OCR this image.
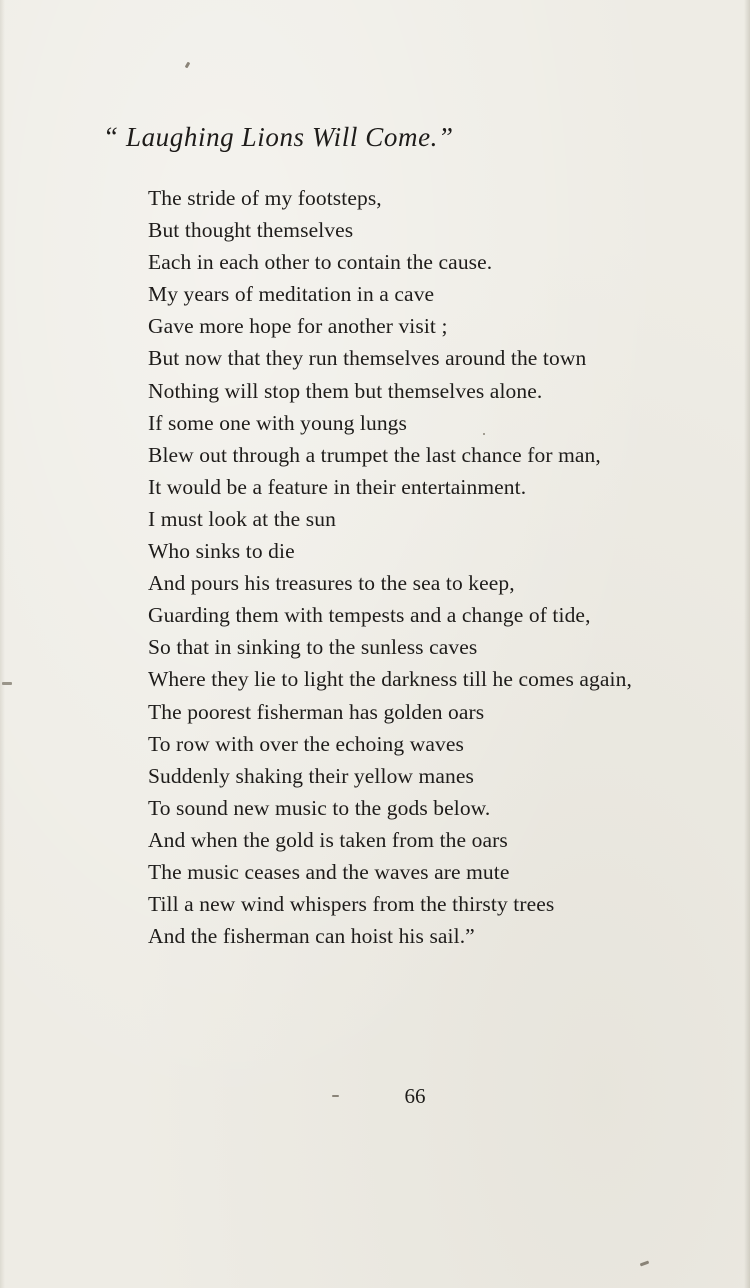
“ Laughing Lions Will Come.”
The stride of my footsteps,
But thought themselves
Each in each other to contain the cause.
My years of meditation in a cave
Gave more hope for another visit ;
But now that they run themselves around the town
Nothing will stop them but themselves alone.
If some one with young lungs
Blew out through a trumpet the last chance for man,
It would be a feature in their entertainment.
I must look at the sun
Who sinks to die
And pours his treasures to the sea to keep,
Guarding them with tempests and a change of tide,
So that in sinking to the sunless caves
Where they lie to light the darkness till he comes again,
The poorest fisherman has golden oars
To row with over the echoing waves
Suddenly shaking their yellow manes
To sound new music to the gods below.
And when the gold is taken from the oars
The music ceases and the waves are mute
Till a new wind whispers from the thirsty trees
And the fisherman can hoist his sail.”
66
